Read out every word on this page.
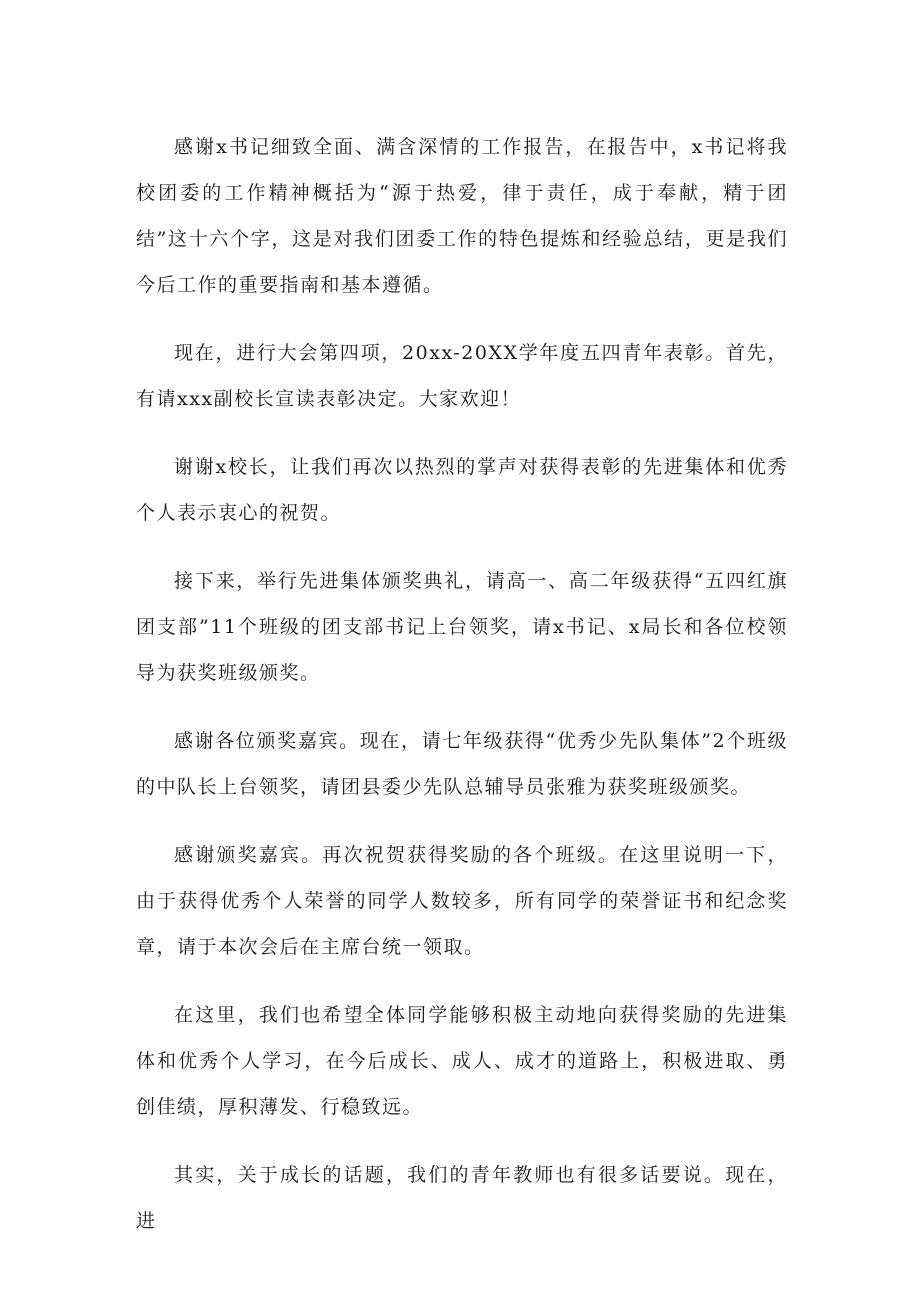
感谢x书记细致全面、满含深情的工作报告，在报告中，x书记将我校团委的工作精神概括为“源于热爱，律于责任，成于奉献，精于团结”这十六个字，这是对我们团委工作的特色提炼和经验总结，更是我们今后工作的重要指南和基本遵循。

现在，进行大会第四项，20xx-20XX学年度五四青年表彰。首先，有请xxx副校长宣读表彰决定。大家欢迎！

谢谢x校长，让我们再次以热烈的掌声对获得表彰的先进集体和优秀个人表示衷心的祝贺。

接下来，举行先进集体颁奖典礼，请高一、高二年级获得“五四红旗团支部”11个班级的团支部书记上台领奖，请x书记、x局长和各位校领导为获奖班级颁奖。

感谢各位颁奖嘉宾。现在，请七年级获得“优秀少先队集体”2个班级的中队长上台领奖，请团县委少先队总辅导员张雅为获奖班级颁奖。

感谢颁奖嘉宾。再次祝贺获得奖励的各个班级。在这里说明一下，由于获得优秀个人荣誉的同学人数较多，所有同学的荣誉证书和纪念奖章，请于本次会后在主席台统一领取。

在这里，我们也希望全体同学能够积极主动地向获得奖励的先进集体和优秀个人学习，在今后成长、成人、成才的道路上，积极进取、勇创佳绩，厚积薄发、行稳致远。

其实，关于成长的话题，我们的青年教师也有很多话要说。现在，进
